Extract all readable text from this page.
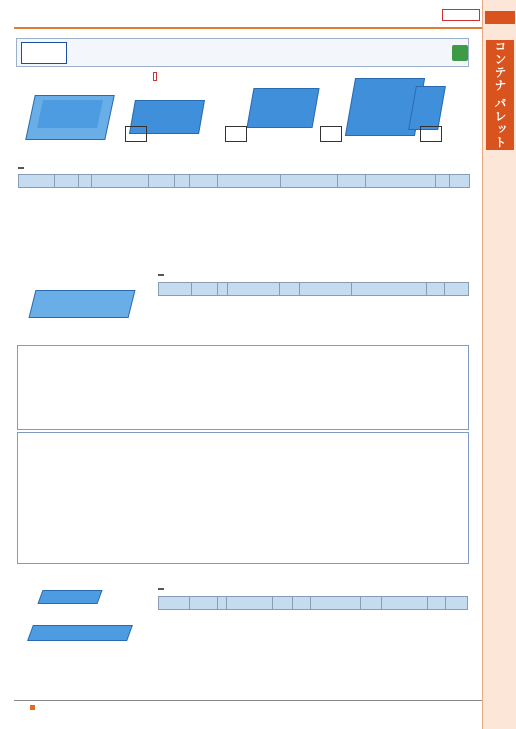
コンテナ パレット
